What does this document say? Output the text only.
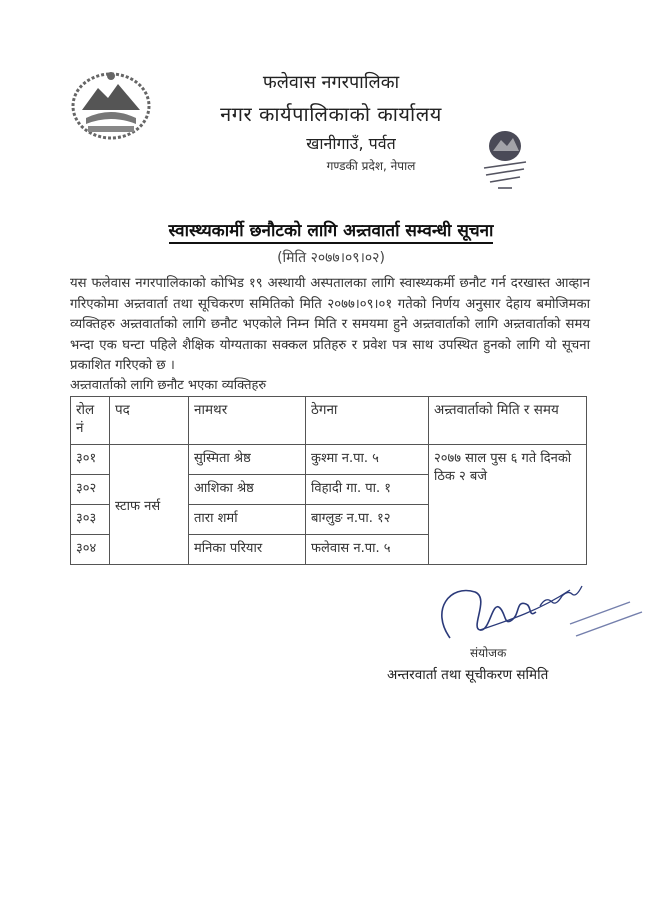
फलेवास नगरपालिका
नगर कार्यपालिकाको कार्यालय
खानीगाउँ, पर्वत
गण्डकी प्रदेश, नेपाल
स्वास्थ्यकार्मी छनौटको लागि अन्र्तवार्ता सम्वन्धी सूचना
(मिति २०७७।०९।०२)
यस फलेवास नगरपालिकाको कोभिड १९ अस्थायी अस्पतालका लागि स्वास्थ्यकर्मी छनौट गर्न दरखास्त आव्हान गरिएकोमा अन्र्तवार्ता तथा सूचिकरण समितिको मिति २०७७।०९।०१ गतेको निर्णय अनुसार देहाय बमोजिमका व्यक्तिहरु अन्र्तवार्ताको लागि छनौट भएकोले निम्न मिति र समयमा हुने अन्र्तवार्ताको लागि अन्र्तवार्ताको समय भन्दा एक घन्टा पहिले शैक्षिक योग्यताका सक्कल प्रतिहरु र प्रवेश पत्र साथ उपस्थित हुनको लागि यो सूचना प्रकाशित गरिएको छ ।
अन्र्तवार्ताको लागि छनौट भएका व्यक्तिहरु
रोल नं	पद	नामथर	ठेगना	अन्र्तवार्ताको मिति र समय
३०१	स्टाफ नर्स	सुस्मिता श्रेष्ठ	कुश्मा न.पा. ५	२०७७ साल पुस ६ गते दिनको ठिक २ बजे
३०२		आशिका श्रेष्ठ	विहादी गा. पा. १	
३०३		तारा शर्मा	बाग्लुङ न.पा. १२	
३०४		मनिका परियार	फलेवास न.पा. ५	
संयोजक
अन्तरवार्ता तथा सूचीकरण समिति
